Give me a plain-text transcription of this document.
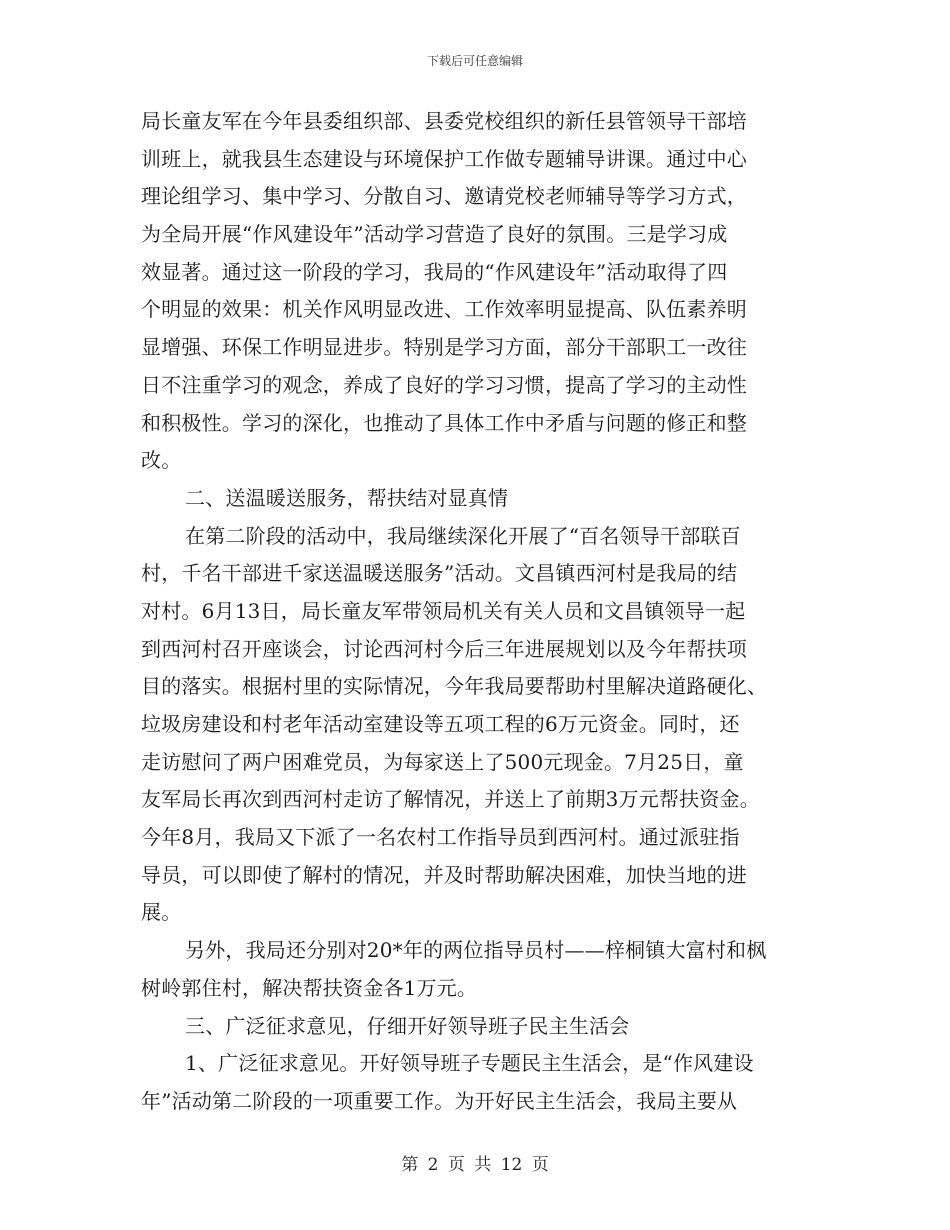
下载后可任意编辑
局长童友军在今年县委组织部、县委党校组织的新任县管领导干部培
训班上，就我县生态建设与环境保护工作做专题辅导讲课。通过中心
理论组学习、集中学习、分散自习、邀请党校老师辅导等学习方式，
为全局开展“作风建设年”活动学习营造了良好的氛围。三是学习成
效显著。通过这一阶段的学习，我局的“作风建设年”活动取得了四
个明显的效果：机关作风明显改进、工作效率明显提高、队伍素养明
显增强、环保工作明显进步。特别是学习方面，部分干部职工一改往
日不注重学习的观念，养成了良好的学习习惯，提高了学习的主动性
和积极性。学习的深化，也推动了具体工作中矛盾与问题的修正和整
改。
二、送温暖送服务，帮扶结对显真情
在第二阶段的活动中，我局继续深化开展了“百名领导干部联百
村，千名干部进千家送温暖送服务”活动。文昌镇西河村是我局的结
对村。6月13日，局长童友军带领局机关有关人员和文昌镇领导一起
到西河村召开座谈会，讨论西河村今后三年进展规划以及今年帮扶项
目的落实。根据村里的实际情况，今年我局要帮助村里解决道路硬化、
垃圾房建设和村老年活动室建设等五项工程的6万元资金。同时，还
走访慰问了两户困难党员，为每家送上了500元现金。7月25日，童
友军局长再次到西河村走访了解情况，并送上了前期3万元帮扶资金。
今年8月，我局又下派了一名农村工作指导员到西河村。通过派驻指
导员，可以即使了解村的情况，并及时帮助解决困难，加快当地的进
展。
另外，我局还分别对20*年的两位指导员村——梓桐镇大富村和枫
树岭郭住村，解决帮扶资金各1万元。
三、广泛征求意见，仔细开好领导班子民主生活会
1、广泛征求意见。开好领导班子专题民主生活会，是“作风建设
年”活动第二阶段的一项重要工作。为开好民主生活会，我局主要从
第 2 页 共 12 页
